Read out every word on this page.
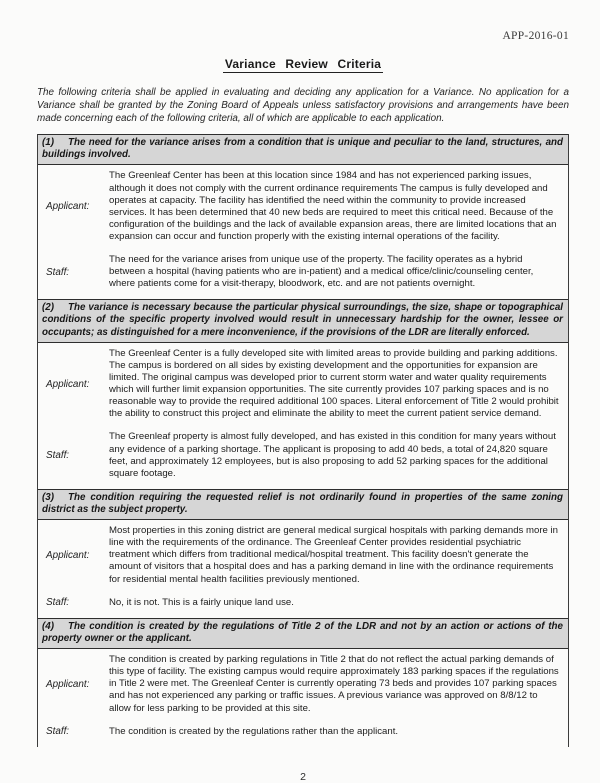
APP-2016-01
Variance Review Criteria

The following criteria shall be applied in evaluating and deciding any application for a Variance. No application for a Variance shall be granted by the Zoning Board of Appeals unless satisfactory provisions and arrangements have been made concerning each of the following criteria, all of which are applicable to each application.

(1) The need for the variance arises from a condition that is unique and peculiar to the land, structures, and buildings involved.
Applicant:
The Greenleaf Center has been at this location since 1984 and has not experienced parking issues, although it does not comply with the current ordinance requirements The campus is fully developed and operates at capacity. The facility has identified the need within the community to provide increased services. It has been determined that 40 new beds are required to meet this critical need. Because of the configuration of the buildings and the lack of available expansion areas, there are limited locations that an expansion can occur and function properly with the existing internal operations of the facility.
Staff:
The need for the variance arises from unique use of the property. The facility operates as a hybrid between a hospital (having patients who are in-patient) and a medical office/clinic/counseling center, where patients come for a visit-therapy, bloodwork, etc. and are not patients overnight.
(2) The variance is necessary because the particular physical surroundings, the size, shape or topographical conditions of the specific property involved would result in unnecessary hardship for the owner, lessee or occupants; as distinguished for a mere inconvenience, if the provisions of the LDR are literally enforced.
Applicant:
The Greenleaf Center is a fully developed site with limited areas to provide building and parking additions. The campus is bordered on all sides by existing development and the opportunities for expansion are limited. The original campus was developed prior to current storm water and water quality requirements which will further limit expansion opportunities. The site currently provides 107 parking spaces and is no reasonable way to provide the required additional 100 spaces. Literal enforcement of Title 2 would prohibit the ability to construct this project and eliminate the ability to meet the current patient service demand.
Staff:
The Greenleaf property is almost fully developed, and has existed in this condition for many years without any evidence of a parking shortage. The applicant is proposing to add 40 beds, a total of 24,820 square feet, and approximately 12 employees, but is also proposing to add 52 parking spaces for the additional square footage.
(3) The condition requiring the requested relief is not ordinarily found in properties of the same zoning district as the subject property.
Applicant:
Most properties in this zoning district are general medical surgical hospitals with parking demands more in line with the requirements of the ordinance. The Greenleaf Center provides residential psychiatric treatment which differs from traditional medical/hospital treatment. This facility doesn't generate the amount of visitors that a hospital does and has a parking demand in line with the ordinance requirements for residential mental health facilities previously mentioned.
Staff:	No, it is not. This is a fairly unique land use.
(4) The condition is created by the regulations of Title 2 of the LDR and not by an action or actions of the property owner or the applicant.
Applicant:
The condition is created by parking regulations in Title 2 that do not reflect the actual parking demands of this type of facility. The existing campus would require approximately 183 parking spaces if the regulations in Title 2 were met. The Greenleaf Center is currently operating 73 beds and provides 107 parking spaces and has not experienced any parking or traffic issues. A previous variance was approved on 8/8/12 to allow for less parking to be provided at this site.
Staff:	The condition is created by the regulations rather than the applicant.
2
